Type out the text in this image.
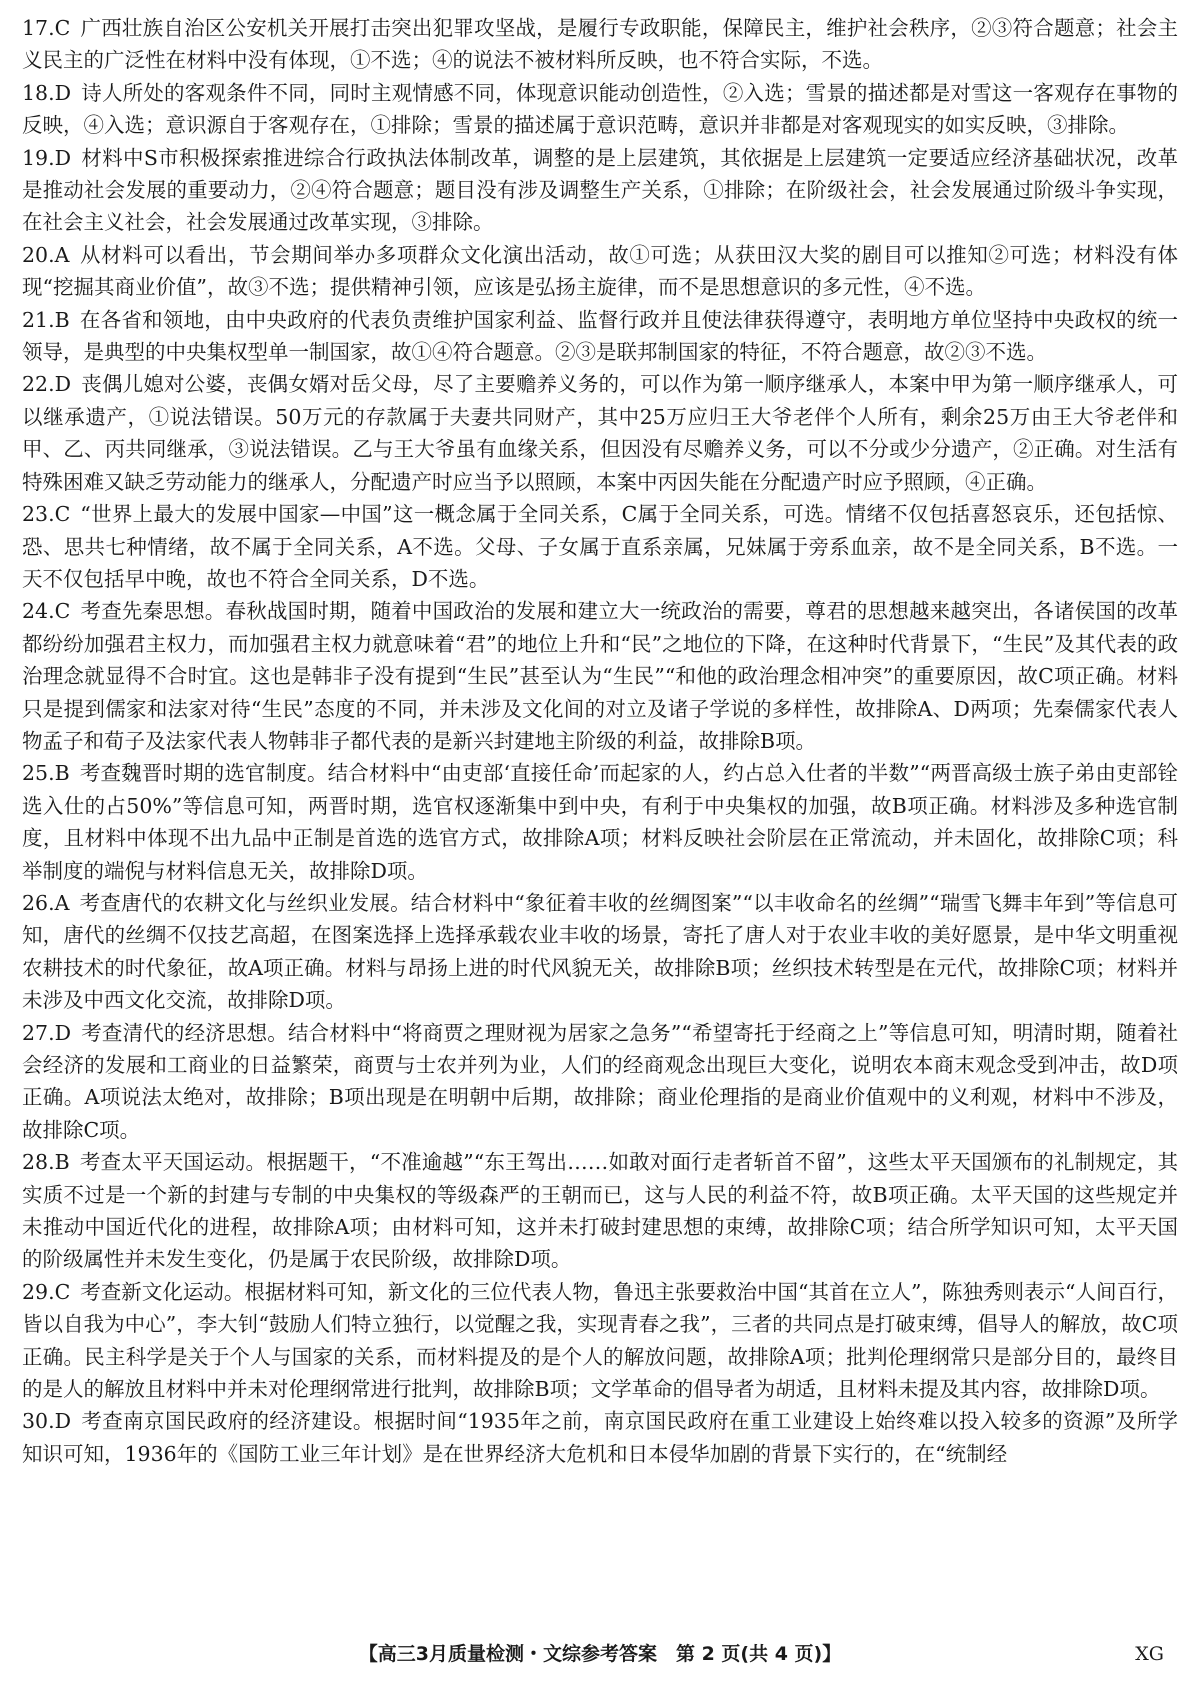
17.C 广西壮族自治区公安机关开展打击突出犯罪攻坚战，是履行专政职能，保障民主，维护社会秩序，②③符合题意；社会主义民主的广泛性在材料中没有体现，①不选；④的说法不被材料所反映，也不符合实际，不选。

18.D 诗人所处的客观条件不同，同时主观情感不同，体现意识能动创造性，②入选；雪景的描述都是对雪这一客观存在事物的反映，④入选；意识源自于客观存在，①排除；雪景的描述属于意识范畴，意识并非都是对客观现实的如实反映，③排除。

19.D 材料中S市积极探索推进综合行政执法体制改革，调整的是上层建筑，其依据是上层建筑一定要适应经济基础状况，改革是推动社会发展的重要动力，②④符合题意；题目没有涉及调整生产关系，①排除；在阶级社会，社会发展通过阶级斗争实现，在社会主义社会，社会发展通过改革实现，③排除。

20.A 从材料可以看出，节会期间举办多项群众文化演出活动，故①可选；从获田汉大奖的剧目可以推知②可选；材料没有体现“挖掘其商业价值”，故③不选；提供精神引领，应该是弘扬主旋律，而不是思想意识的多元性，④不选。

21.B 在各省和领地，由中央政府的代表负责维护国家利益、监督行政并且使法律获得遵守，表明地方单位坚持中央政权的统一领导，是典型的中央集权型单一制国家，故①④符合题意。②③是联邦制国家的特征，不符合题意，故②③不选。

22.D 丧偶儿媳对公婆，丧偶女婿对岳父母，尽了主要赡养义务的，可以作为第一顺序继承人，本案中甲为第一顺序继承人，可以继承遗产，①说法错误。50万元的存款属于夫妻共同财产，其中25万应归王大爷老伴个人所有，剩余25万由王大爷老伴和甲、乙、丙共同继承，③说法错误。乙与王大爷虽有血缘关系，但因没有尽赡养义务，可以不分或少分遗产，②正确。对生活有特殊困难又缺乏劳动能力的继承人，分配遗产时应当予以照顾，本案中丙因失能在分配遗产时应予照顾，④正确。

23.C “世界上最大的发展中国家—中国”这一概念属于全同关系，C属于全同关系，可选。情绪不仅包括喜怒哀乐，还包括惊、恐、思共七种情绪，故不属于全同关系，A不选。父母、子女属于直系亲属，兄妹属于旁系血亲，故不是全同关系，B不选。一天不仅包括早中晚，故也不符合全同关系，D不选。

24.C 考查先秦思想。春秋战国时期，随着中国政治的发展和建立大一统政治的需要，尊君的思想越来越突出，各诸侯国的改革都纷纷加强君主权力，而加强君主权力就意味着“君”的地位上升和“民”之地位的下降，在这种时代背景下，“生民”及其代表的政治理念就显得不合时宜。这也是韩非子没有提到“生民”甚至认为“生民”“和他的政治理念相冲突”的重要原因，故C项正确。材料只是提到儒家和法家对待“生民”态度的不同，并未涉及文化间的对立及诸子学说的多样性，故排除A、D两项；先秦儒家代表人物孟子和荀子及法家代表人物韩非子都代表的是新兴封建地主阶级的利益，故排除B项。

25.B 考查魏晋时期的选官制度。结合材料中“由吏部‘直接任命’而起家的人，约占总入仕者的半数”“两晋高级士族子弟由吏部铨选入仕的占50%”等信息可知，两晋时期，选官权逐渐集中到中央，有利于中央集权的加强，故B项正确。材料涉及多种选官制度，且材料中体现不出九品中正制是首选的选官方式，故排除A项；材料反映社会阶层在正常流动，并未固化，故排除C项；科举制度的端倪与材料信息无关，故排除D项。

26.A 考查唐代的农耕文化与丝织业发展。结合材料中“象征着丰收的丝绸图案”“以丰收命名的丝绸”“瑞雪飞舞丰年到”等信息可知，唐代的丝绸不仅技艺高超，在图案选择上选择承载农业丰收的场景，寄托了唐人对于农业丰收的美好愿景，是中华文明重视农耕技术的时代象征，故A项正确。材料与昂扬上进的时代风貌无关，故排除B项；丝织技术转型是在元代，故排除C项；材料并未涉及中西文化交流，故排除D项。

27.D 考查清代的经济思想。结合材料中“将商贾之理财视为居家之急务”“希望寄托于经商之上”等信息可知，明清时期，随着社会经济的发展和工商业的日益繁荣，商贾与士农并列为业，人们的经商观念出现巨大变化，说明农本商末观念受到冲击，故D项正确。A项说法太绝对，故排除；B项出现是在明朝中后期，故排除；商业伦理指的是商业价值观中的义利观，材料中不涉及，故排除C项。

28.B 考查太平天国运动。根据题干，“不准逾越”“东王驾出……如敢对面行走者斩首不留”，这些太平天国颁布的礼制规定，其实质不过是一个新的封建与专制的中央集权的等级森严的王朝而已，这与人民的利益不符，故B项正确。太平天国的这些规定并未推动中国近代化的进程，故排除A项；由材料可知，这并未打破封建思想的束缚，故排除C项；结合所学知识可知，太平天国的阶级属性并未发生变化，仍是属于农民阶级，故排除D项。

29.C 考查新文化运动。根据材料可知，新文化的三位代表人物，鲁迅主张要救治中国“其首在立人”，陈独秀则表示“人间百行，皆以自我为中心”，李大钊“鼓励人们特立独行，以觉醒之我，实现青春之我”，三者的共同点是打破束缚，倡导人的解放，故C项正确。民主科学是关于个人与国家的关系，而材料提及的是个人的解放问题，故排除A项；批判伦理纲常只是部分目的，最终目的是人的解放且材料中并未对伦理纲常进行批判，故排除B项；文学革命的倡导者为胡适，且材料未提及其内容，故排除D项。

30.D 考查南京国民政府的经济建设。根据时间“1935年之前，南京国民政府在重工业建设上始终难以投入较多的资源”及所学知识可知，1936年的《国防工业三年计划》是在世界经济大危机和日本侵华加剧的背景下实行的，在“统制经

【高三3月质量检测・文综参考答案　第 2 页(共 4 页)】	XG
